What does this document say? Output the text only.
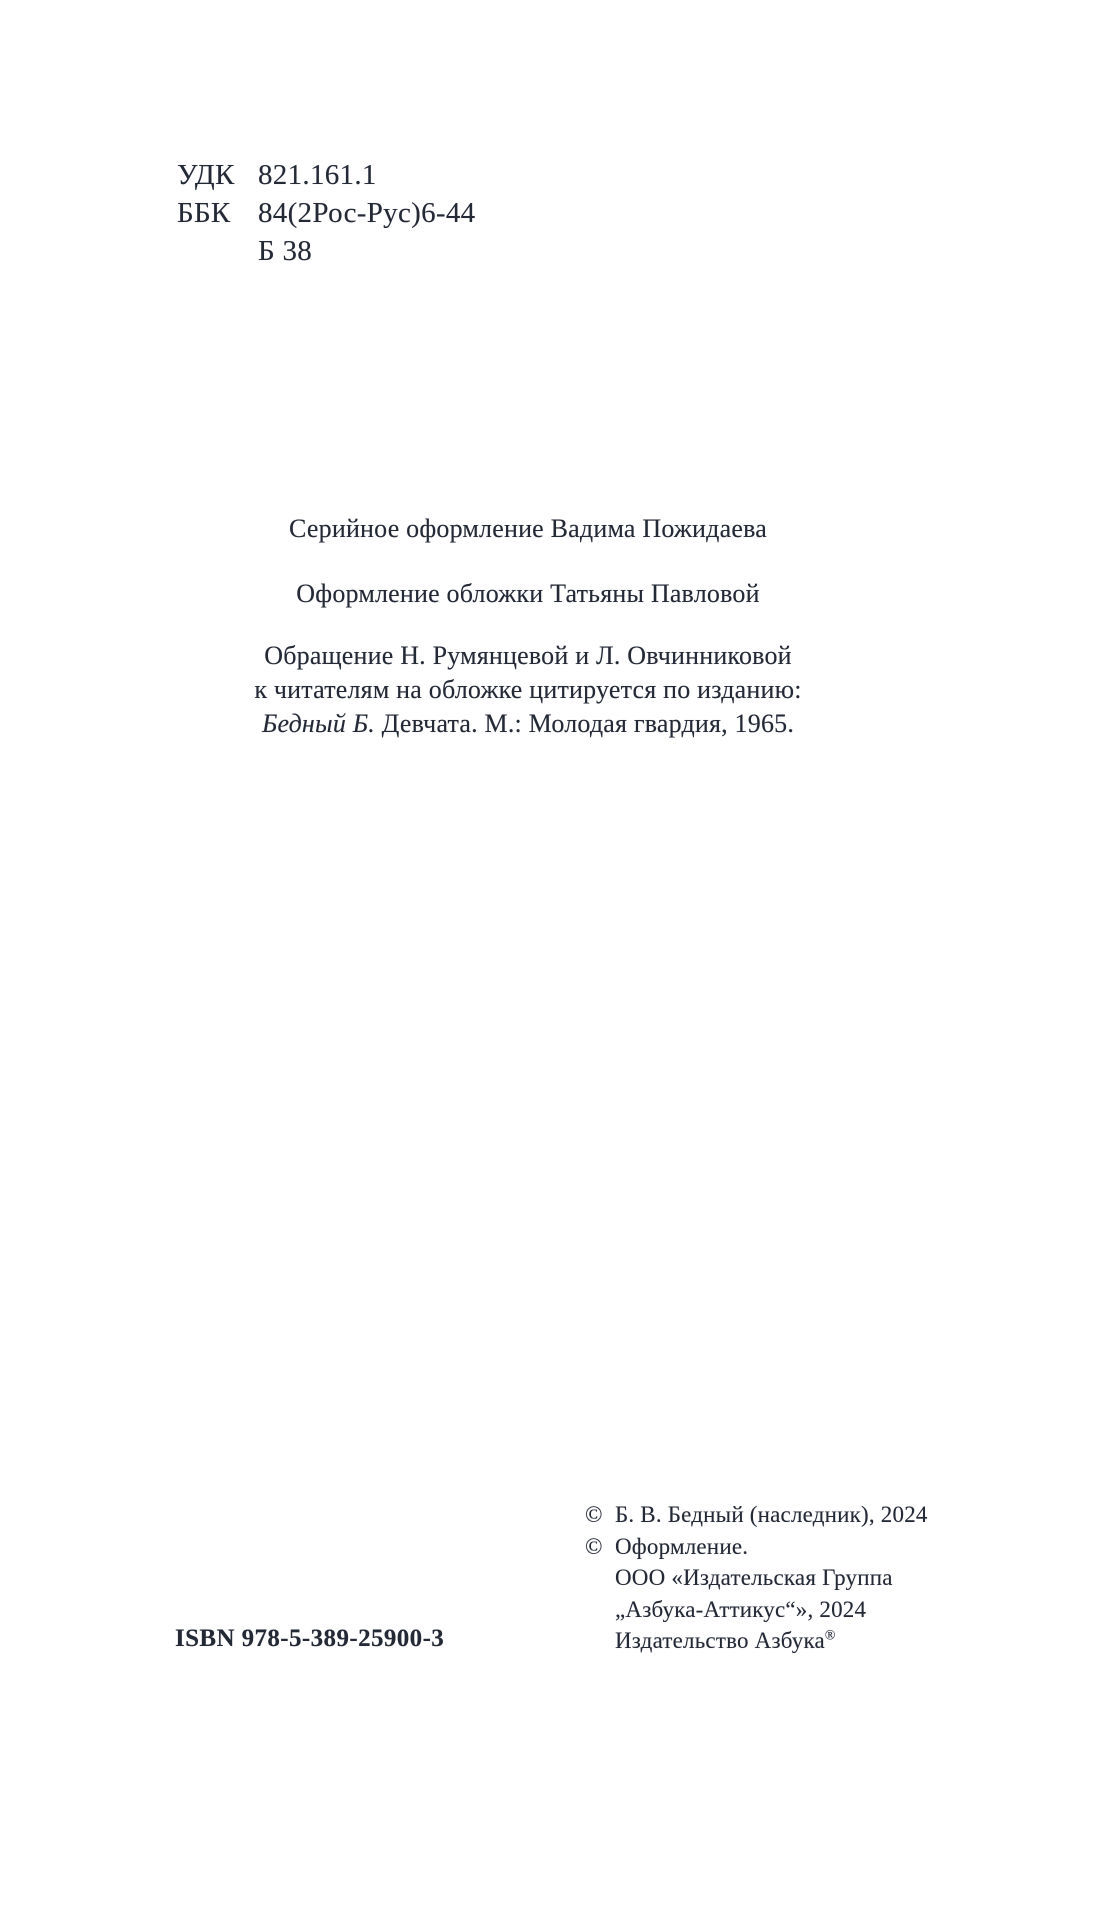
УДК 821.161.1
ББК 84(2Рос-Рус)6-44
Б 38
Серийное оформление Вадима Пожидаева
Оформление обложки Татьяны Павловой
Обращение Н. Румянцевой и Л. Овчинниковой
к читателям на обложке цитируется по изданию:
Бедный Б. Девчата. М.: Молодая гвардия, 1965.
© Б. В. Бедный (наследник), 2024
© Оформление.
ООО «Издательская Группа
„Азбука-Аттикус“», 2024
Издательство Азбука®
ISBN 978-5-389-25900-3
